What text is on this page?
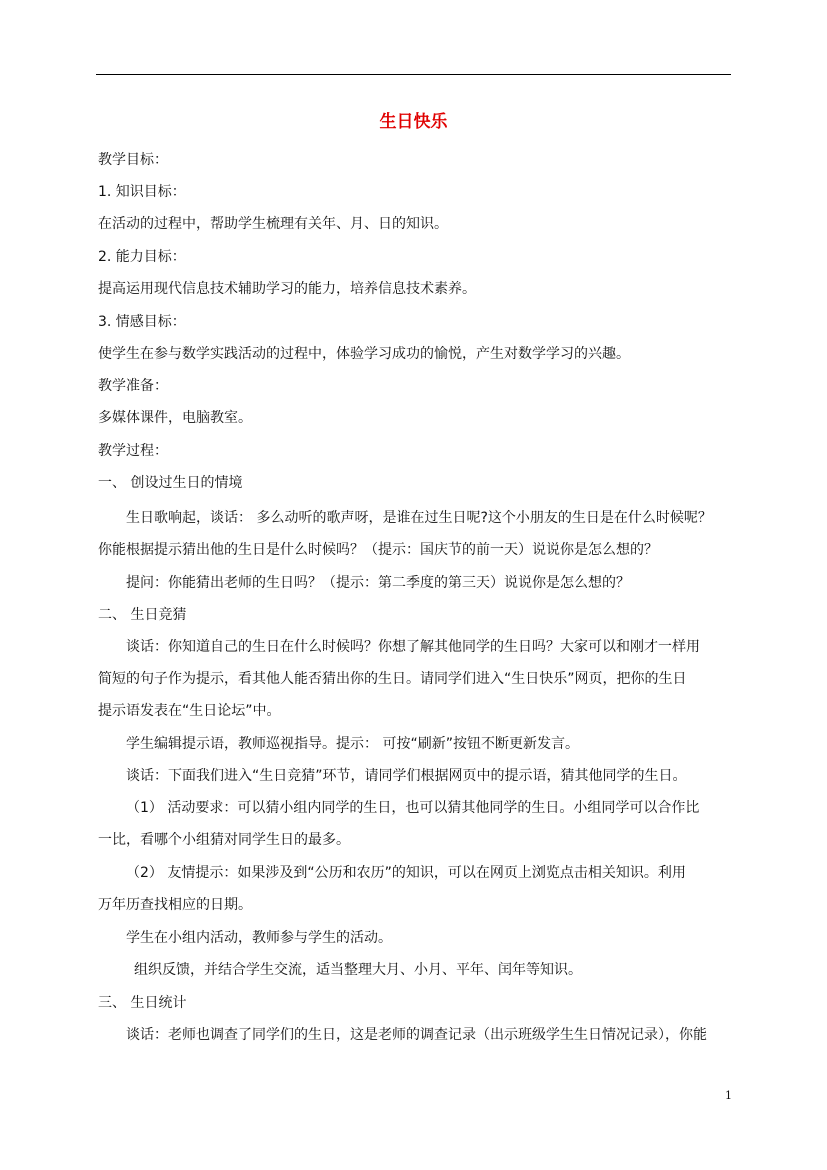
生日快乐
教学目标：
1. 知识目标：
在活动的过程中，帮助学生梳理有关年、月、日的知识。
2. 能力目标：
提高运用现代信息技术辅助学习的能力，培养信息技术素养。
3. 情感目标：
使学生在参与数学实践活动的过程中，体验学习成功的愉悦，产生对数学学习的兴趣。
教学准备：
多媒体课件，电脑教室。
教学过程：
一、 创设过生日的情境
生日歌响起，谈话： 多么动听的歌声呀，是谁在过生日呢?这个小朋友的生日是在什么时候呢？
你能根据提示猜出他的生日是什么时候吗？（提示：国庆节的前一天）说说你是怎么想的？
提问：你能猜出老师的生日吗？（提示：第二季度的第三天）说说你是怎么想的？
二、 生日竞猜
谈话：你知道自己的生日在什么时候吗？你想了解其他同学的生日吗？大家可以和刚才一样用
简短的句子作为提示，看其他人能否猜出你的生日。请同学们进入“生日快乐”网页，把你的生日
提示语发表在“生日论坛”中。
学生编辑提示语，教师巡视指导。提示： 可按“刷新”按钮不断更新发言。
谈话：下面我们进入“生日竞猜”环节，请同学们根据网页中的提示语，猜其他同学的生日。
（1） 活动要求：可以猜小组内同学的生日，也可以猜其他同学的生日。小组同学可以合作比
一比，看哪个小组猜对同学生日的最多。
（2） 友情提示：如果涉及到“公历和农历”的知识，可以在网页上浏览点击相关知识。利用
万年历查找相应的日期。
学生在小组内活动，教师参与学生的活动。
组织反馈，并结合学生交流，适当整理大月、小月、平年、闰年等知识。
三、 生日统计
谈话：老师也调查了同学们的生日，这是老师的调查记录（出示班级学生生日情况记录），你能
1
